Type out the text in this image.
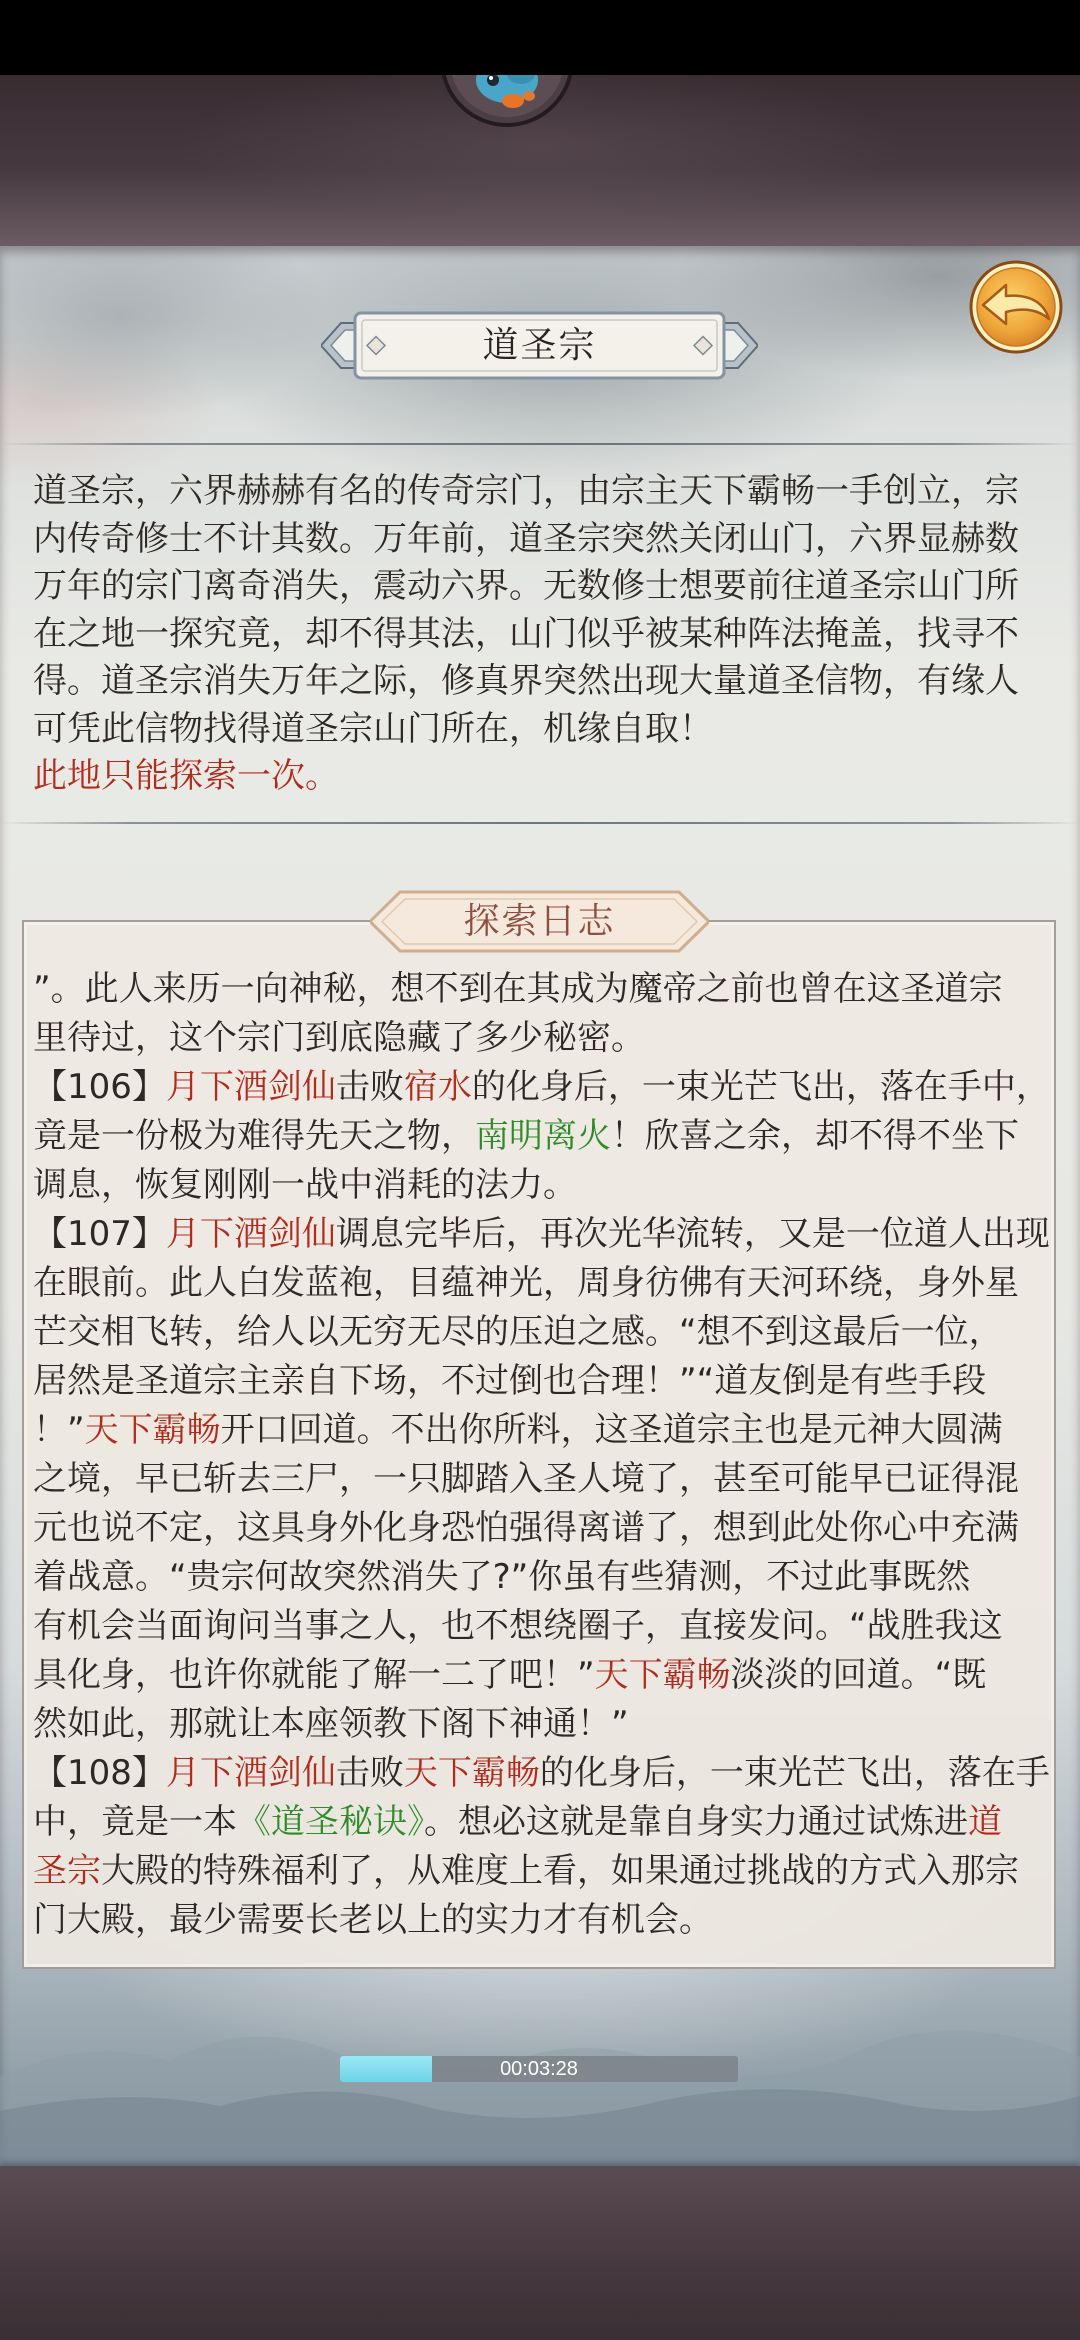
道圣宗
道圣宗，六界赫赫有名的传奇宗门，由宗主天下霸畅一手创立，宗
内传奇修士不计其数。万年前，道圣宗突然关闭山门，六界显赫数
万年的宗门离奇消失，震动六界。无数修士想要前往道圣宗山门所
在之地一探究竟，却不得其法，山门似乎被某种阵法掩盖，找寻不
得。道圣宗消失万年之际，修真界突然出现大量道圣信物，有缘人
可凭此信物找得道圣宗山门所在，机缘自取！
此地只能探索一次。
”。此人来历一向神秘，想不到在其成为魔帝之前也曾在这圣道宗
里待过，这个宗门到底隐藏了多少秘密。
【106】月下酒剑仙击败宿水的化身后，一束光芒飞出，落在手中，
竟是一份极为难得先天之物，南明离火！欣喜之余，却不得不坐下
调息，恢复刚刚一战中消耗的法力。
【107】月下酒剑仙调息完毕后，再次光华流转，又是一位道人出现
在眼前。此人白发蓝袍，目蕴神光，周身彷佛有天河环绕，身外星
芒交相飞转，给人以无穷无尽的压迫之感。“想不到这最后一位，
居然是圣道宗主亲自下场，不过倒也合理！”“道友倒是有些手段
！”天下霸畅开口回道。不出你所料，这圣道宗主也是元神大圆满
之境，早已斩去三尸，一只脚踏入圣人境了，甚至可能早已证得混
元也说不定，这具身外化身恐怕强得离谱了，想到此处你心中充满
着战意。“贵宗何故突然消失了?”你虽有些猜测，不过此事既然
有机会当面询问当事之人，也不想绕圈子，直接发问。“战胜我这
具化身，也许你就能了解一二了吧！”天下霸畅淡淡的回道。“既
然如此，那就让本座领教下阁下神通！”
【108】月下酒剑仙击败天下霸畅的化身后，一束光芒飞出，落在手
中，竟是一本《道圣秘诀》。想必这就是靠自身实力通过试炼进道
圣宗大殿的特殊福利了，从难度上看，如果通过挑战的方式入那宗
门大殿，最少需要长老以上的实力才有机会。
探索日志
00:03:28
